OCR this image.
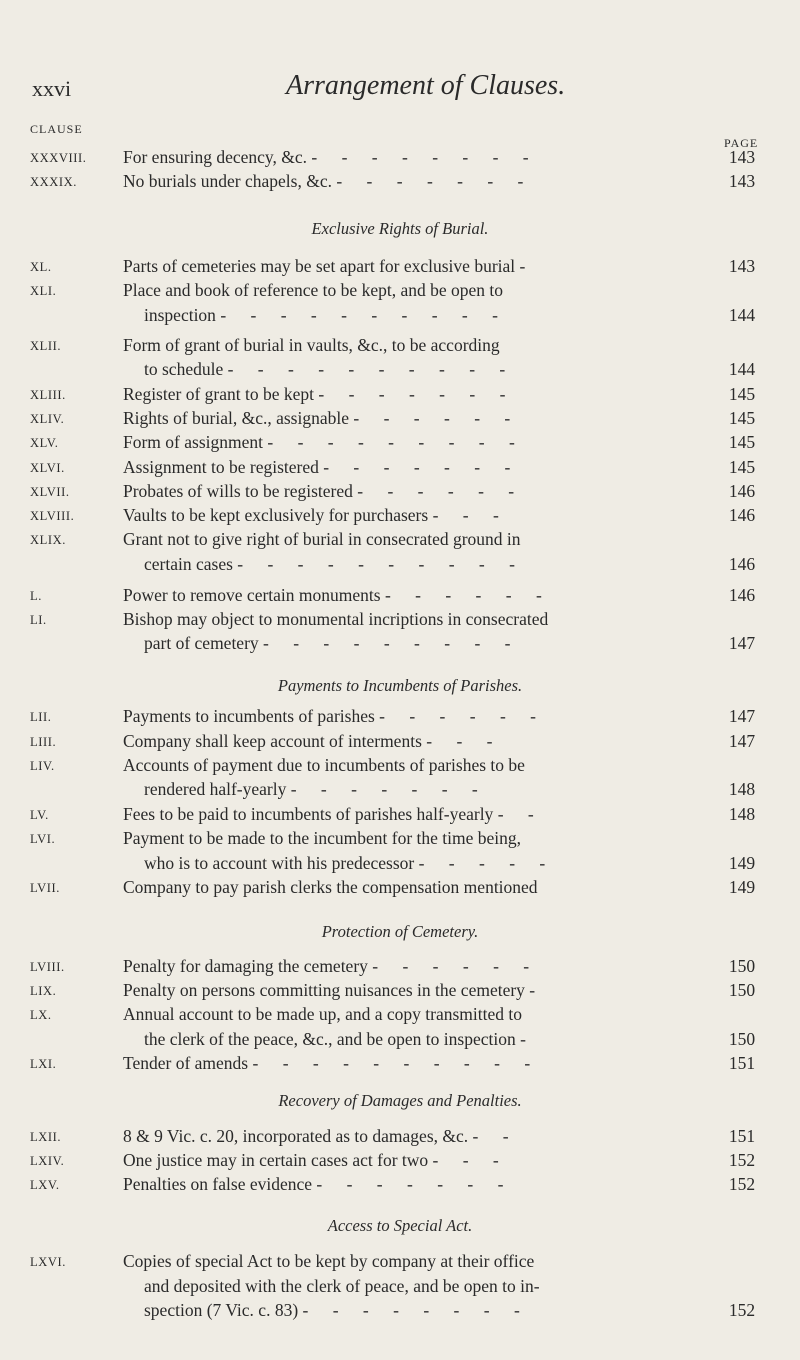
xxvi	Arrangement of Clauses.
CLAUSE
PAGE
XXXVIII.	For ensuring decency, &c. - - - - - - - -	143
XXXIX.	No burials under chapels, &c. - - - - - - -	143
Exclusive Rights of Burial.
XL.	Parts of cemeteries may be set apart for exclusive burial -	143
XLI.	Place and book of reference to be kept, and be open to
inspection - - - - - - - - - -	144
XLII.	Form of grant of burial in vaults, &c., to be according
to schedule - - - - - - - - - -	144
XLIII.	Register of grant to be kept - - - - - - -	145
XLIV.	Rights of burial, &c., assignable - - - - - -	145
XLV.	Form of assignment - - - - - - - - -	145
XLVI.	Assignment to be registered - - - - - - -	145
XLVII.	Probates of wills to be registered - - - - - -	146
XLVIII.	Vaults to be kept exclusively for purchasers - - -	146
XLIX.	Grant not to give right of burial in consecrated ground in
certain cases - - - - - - - - - -	146
L.	Power to remove certain monuments - - - - - -	146
LI.	Bishop may object to monumental incriptions in consecrated
part of cemetery - - - - - - - - -	147
Payments to Incumbents of Parishes.
LII.	Payments to incumbents of parishes - - - - - -	147
LIII.	Company shall keep account of interments - - -	147
LIV.	Accounts of payment due to incumbents of parishes to be
rendered half-yearly - - - - - - -	148
LV.	Fees to be paid to incumbents of parishes half-yearly - -	148
LVI.	Payment to be made to the incumbent for the time being,
who is to account with his predecessor - - - - -	149
LVII.	Company to pay parish clerks the compensation mentioned	149
Protection of Cemetery.
LVIII.	Penalty for damaging the cemetery - - - - - -	150
LIX.	Penalty on persons committing nuisances in the cemetery -	150
LX.	Annual account to be made up, and a copy transmitted to
the clerk of the peace, &c., and be open to inspection -	150
LXI.	Tender of amends - - - - - - - - - -	151
Recovery of Damages and Penalties.
LXII.	8 & 9 Vic. c. 20, incorporated as to damages, &c. - -	151
LXIV.	One justice may in certain cases act for two - - -	152
LXV.	Penalties on false evidence - - - - - - -	152
Access to Special Act.
LXVI.	Copies of special Act to be kept by company at their office
and deposited with the clerk of peace, and be open to in-
spection (7 Vic. c. 83) - - - - - - - -	152
